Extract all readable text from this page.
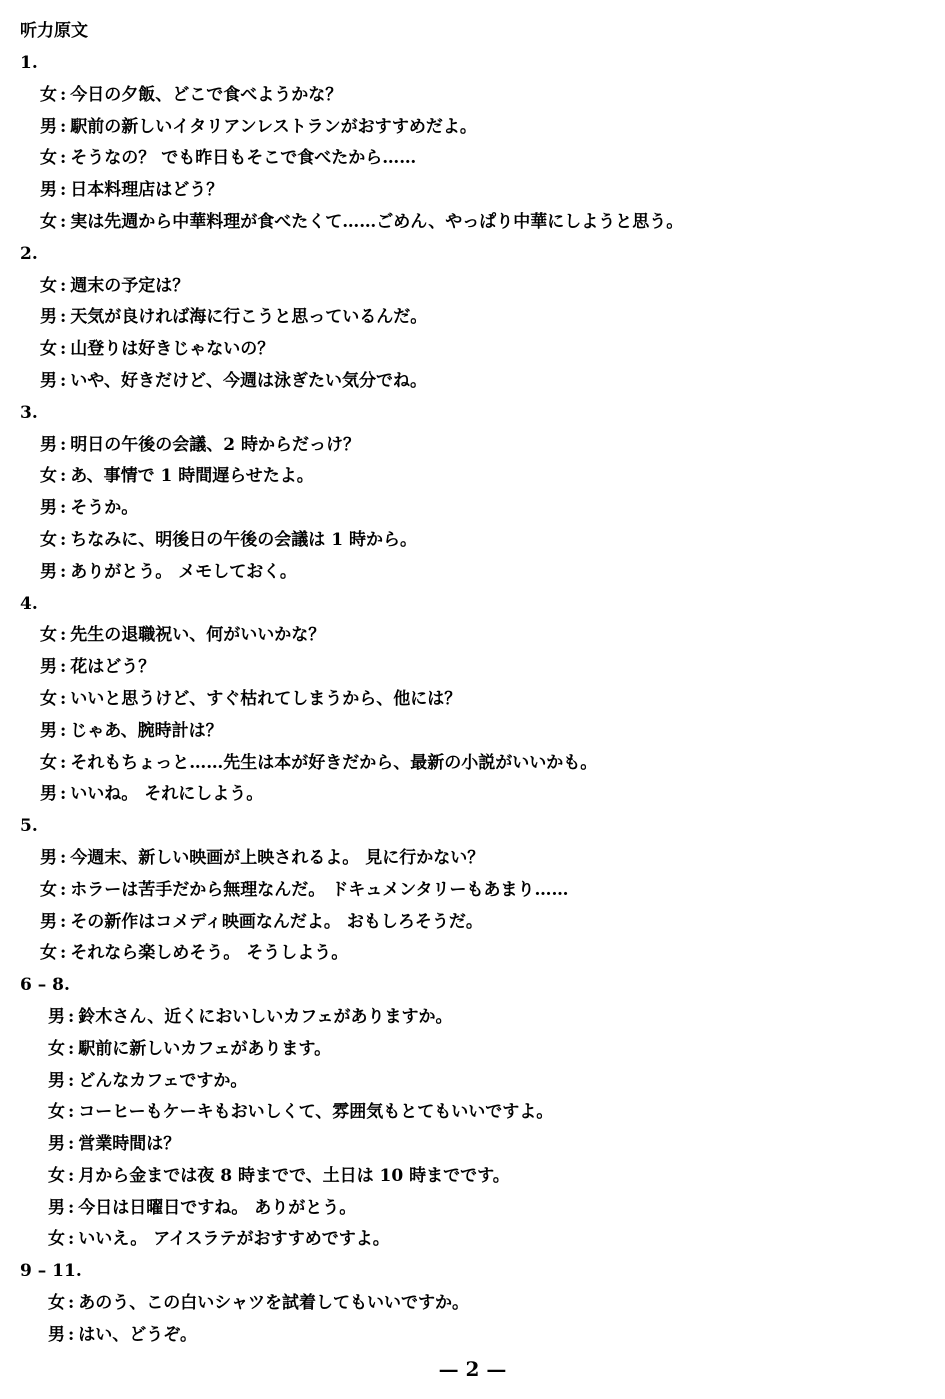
听力原文
1.
女 : 今日の夕飯、どこで食べようかな？
男 : 駅前の新しいイタリアンレストランがおすすめだよ。
女 : そうなの？ でも昨日もそこで食べたから……
男 : 日本料理店はどう？
女 : 実は先週から中華料理が食べたくて……ごめん、やっぱり中華にしようと思う。
2.
女 : 週末の予定は？
男 : 天気が良ければ海に行こうと思っているんだ。
女 : 山登りは好きじゃないの？
男 : いや、好きだけど、今週は泳ぎたい気分でね。
3.
男 : 明日の午後の会議、2 時からだっけ？
女 : あ、事情で 1 時間遅らせたよ。
男 : そうか。
女 : ちなみに、明後日の午後の会議は 1 時から。
男 : ありがとう。 メモしておく。
4.
女 : 先生の退職祝い、何がいいかな？
男 : 花はどう？
女 : いいと思うけど、すぐ枯れてしまうから、他には？
男 : じゃあ、腕時計は？
女 : それもちょっと……先生は本が好きだから、最新の小説がいいかも。
男 : いいね。 それにしよう。
5.
男 : 今週末、新しい映画が上映されるよ。 見に行かない？
女 : ホラーは苦手だから無理なんだ。 ドキュメンタリーもあまり……
男 : その新作はコメディ映画なんだよ。 おもしろそうだ。
女 : それなら楽しめそう。 そうしよう。
6 – 8.
男 : 鈴木さん、近くにおいしいカフェがありますか。
女 : 駅前に新しいカフェがあります。
男 : どんなカフェですか。
女 : コーヒーもケーキもおいしくて、雰囲気もとてもいいですよ。
男 : 営業時間は？
女 : 月から金までは夜 8 時までで、土日は 10 時までです。
男 : 今日は日曜日ですね。 ありがとう。
女 : いいえ。 アイスラテがおすすめですよ。
9 – 11.
女 : あのう、この白いシャツを試着してもいいですか。
男 : はい、どうぞ。
— 2 —
